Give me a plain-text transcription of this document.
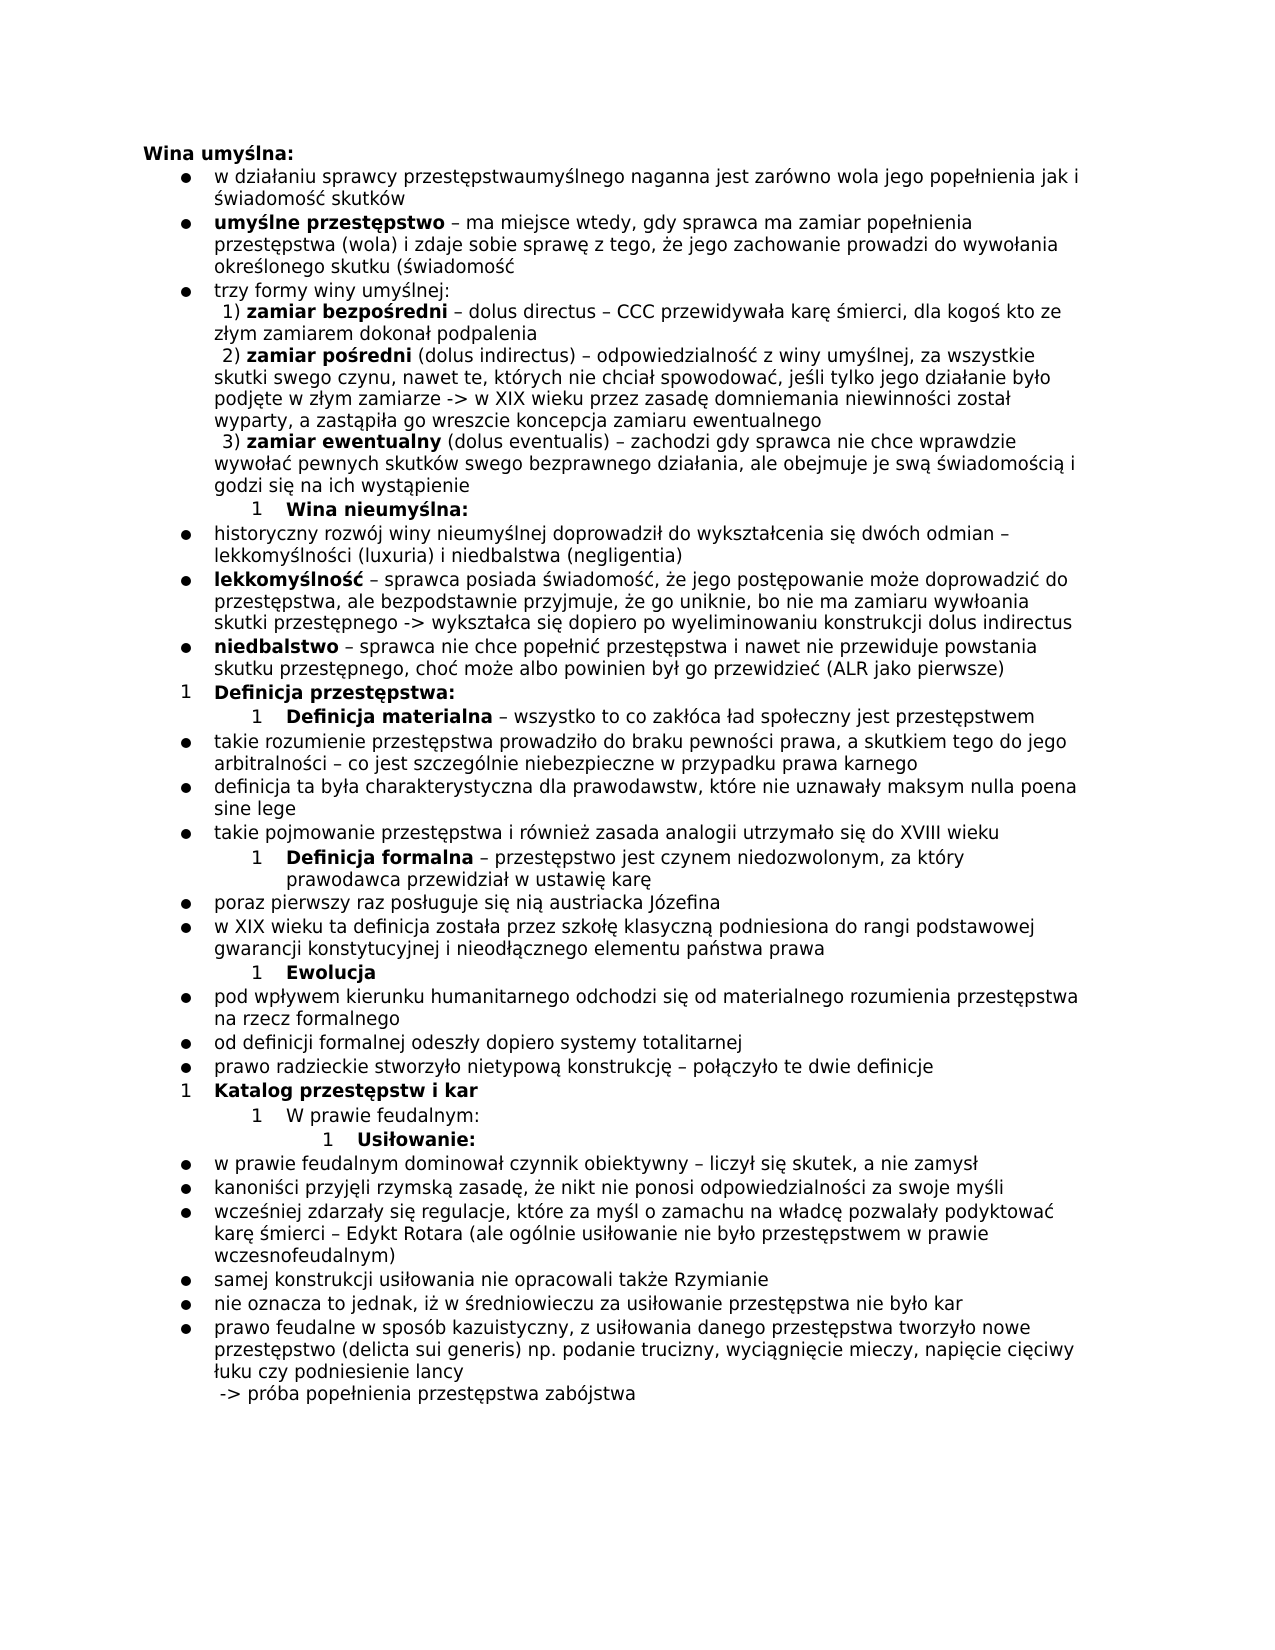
Wina umyślna:
w działaniu sprawcy przestępstwaumyślnego naganna jest zarówno wola jego popełnienia jak i
świadomość skutków
umyślne przestępstwo – ma miejsce wtedy, gdy sprawca ma zamiar popełnienia
przestępstwa (wola) i zdaje sobie sprawę z tego, że jego zachowanie prowadzi do wywołania
określonego skutku (świadomość
trzy formy winy umyślnej:
1) zamiar bezpośredni – dolus directus – CCC przewidywała karę śmierci, dla kogoś kto ze
złym zamiarem dokonał podpalenia
2) zamiar pośredni (dolus indirectus) – odpowiedzialność z winy umyślnej, za wszystkie
skutki swego czynu, nawet te, których nie chciał spowodować, jeśli tylko jego działanie było
podjęte w złym zamiarze -> w XIX wieku przez zasadę domniemania niewinności został
wyparty, a zastąpiła go wreszcie koncepcja zamiaru ewentualnego
3) zamiar ewentualny (dolus eventualis) – zachodzi gdy sprawca nie chce wprawdzie
wywołać pewnych skutków swego bezprawnego działania, ale obejmuje je swą świadomością i
godzi się na ich wystąpienie
1 Wina nieumyślna:
historyczny rozwój winy nieumyślnej doprowadził do wykształcenia się dwóch odmian –
lekkomyślności (luxuria) i niedbalstwa (negligentia)
lekkomyślność – sprawca posiada świadomość, że jego postępowanie może doprowadzić do
przestępstwa, ale bezpodstawnie przyjmuje, że go uniknie, bo nie ma zamiaru wywłoania
skutki przestępnego -> wykształca się dopiero po wyeliminowaniu konstrukcji dolus indirectus
niedbalstwo – sprawca nie chce popełnić przestępstwa i nawet nie przewiduje powstania
skutku przestępnego, choć może albo powinien był go przewidzieć (ALR jako pierwsze)
1 Definicja przestępstwa:
1 Definicja materialna – wszystko to co zakłóca ład społeczny jest przestępstwem
takie rozumienie przestępstwa prowadziło do braku pewności prawa, a skutkiem tego do jego
arbitralności – co jest szczególnie niebezpieczne w przypadku prawa karnego
definicja ta była charakterystyczna dla prawodawstw, które nie uznawały maksym nulla poena
sine lege
takie pojmowanie przestępstwa i również zasada analogii utrzymało się do XVIII wieku
1 Definicja formalna – przestępstwo jest czynem niedozwolonym, za który
prawodawca przewidział w ustawię karę
poraz pierwszy raz posługuje się nią austriacka Józefina
w XIX wieku ta definicja została przez szkołę klasyczną podniesiona do rangi podstawowej
gwarancji konstytucyjnej i nieodłącznego elementu państwa prawa
1 Ewolucja
pod wpływem kierunku humanitarnego odchodzi się od materialnego rozumienia przestępstwa
na rzecz formalnego
od definicji formalnej odeszły dopiero systemy totalitarnej
prawo radzieckie stworzyło nietypową konstrukcję – połączyło te dwie definicje
1 Katalog przestępstw i kar
1 W prawie feudalnym:
1 Usiłowanie:
w prawie feudalnym dominował czynnik obiektywny – liczył się skutek, a nie zamysł
kanoniści przyjęli rzymską zasadę, że nikt nie ponosi odpowiedzialności za swoje myśli
wcześniej zdarzały się regulacje, które za myśl o zamachu na władcę pozwalały podyktować
karę śmierci – Edykt Rotara (ale ogólnie usiłowanie nie było przestępstwem w prawie
wczesnofeudalnym)
samej konstrukcji usiłowania nie opracowali także Rzymianie
nie oznacza to jednak, iż w średniowieczu za usiłowanie przestępstwa nie było kar
prawo feudalne w sposób kazuistyczny, z usiłowania danego przestępstwa tworzyło nowe
przestępstwo (delicta sui generis) np. podanie trucizny, wyciągnięcie mieczy, napięcie cięciwy
łuku czy podniesienie lancy
-> próba popełnienia przestępstwa zabójstwa
